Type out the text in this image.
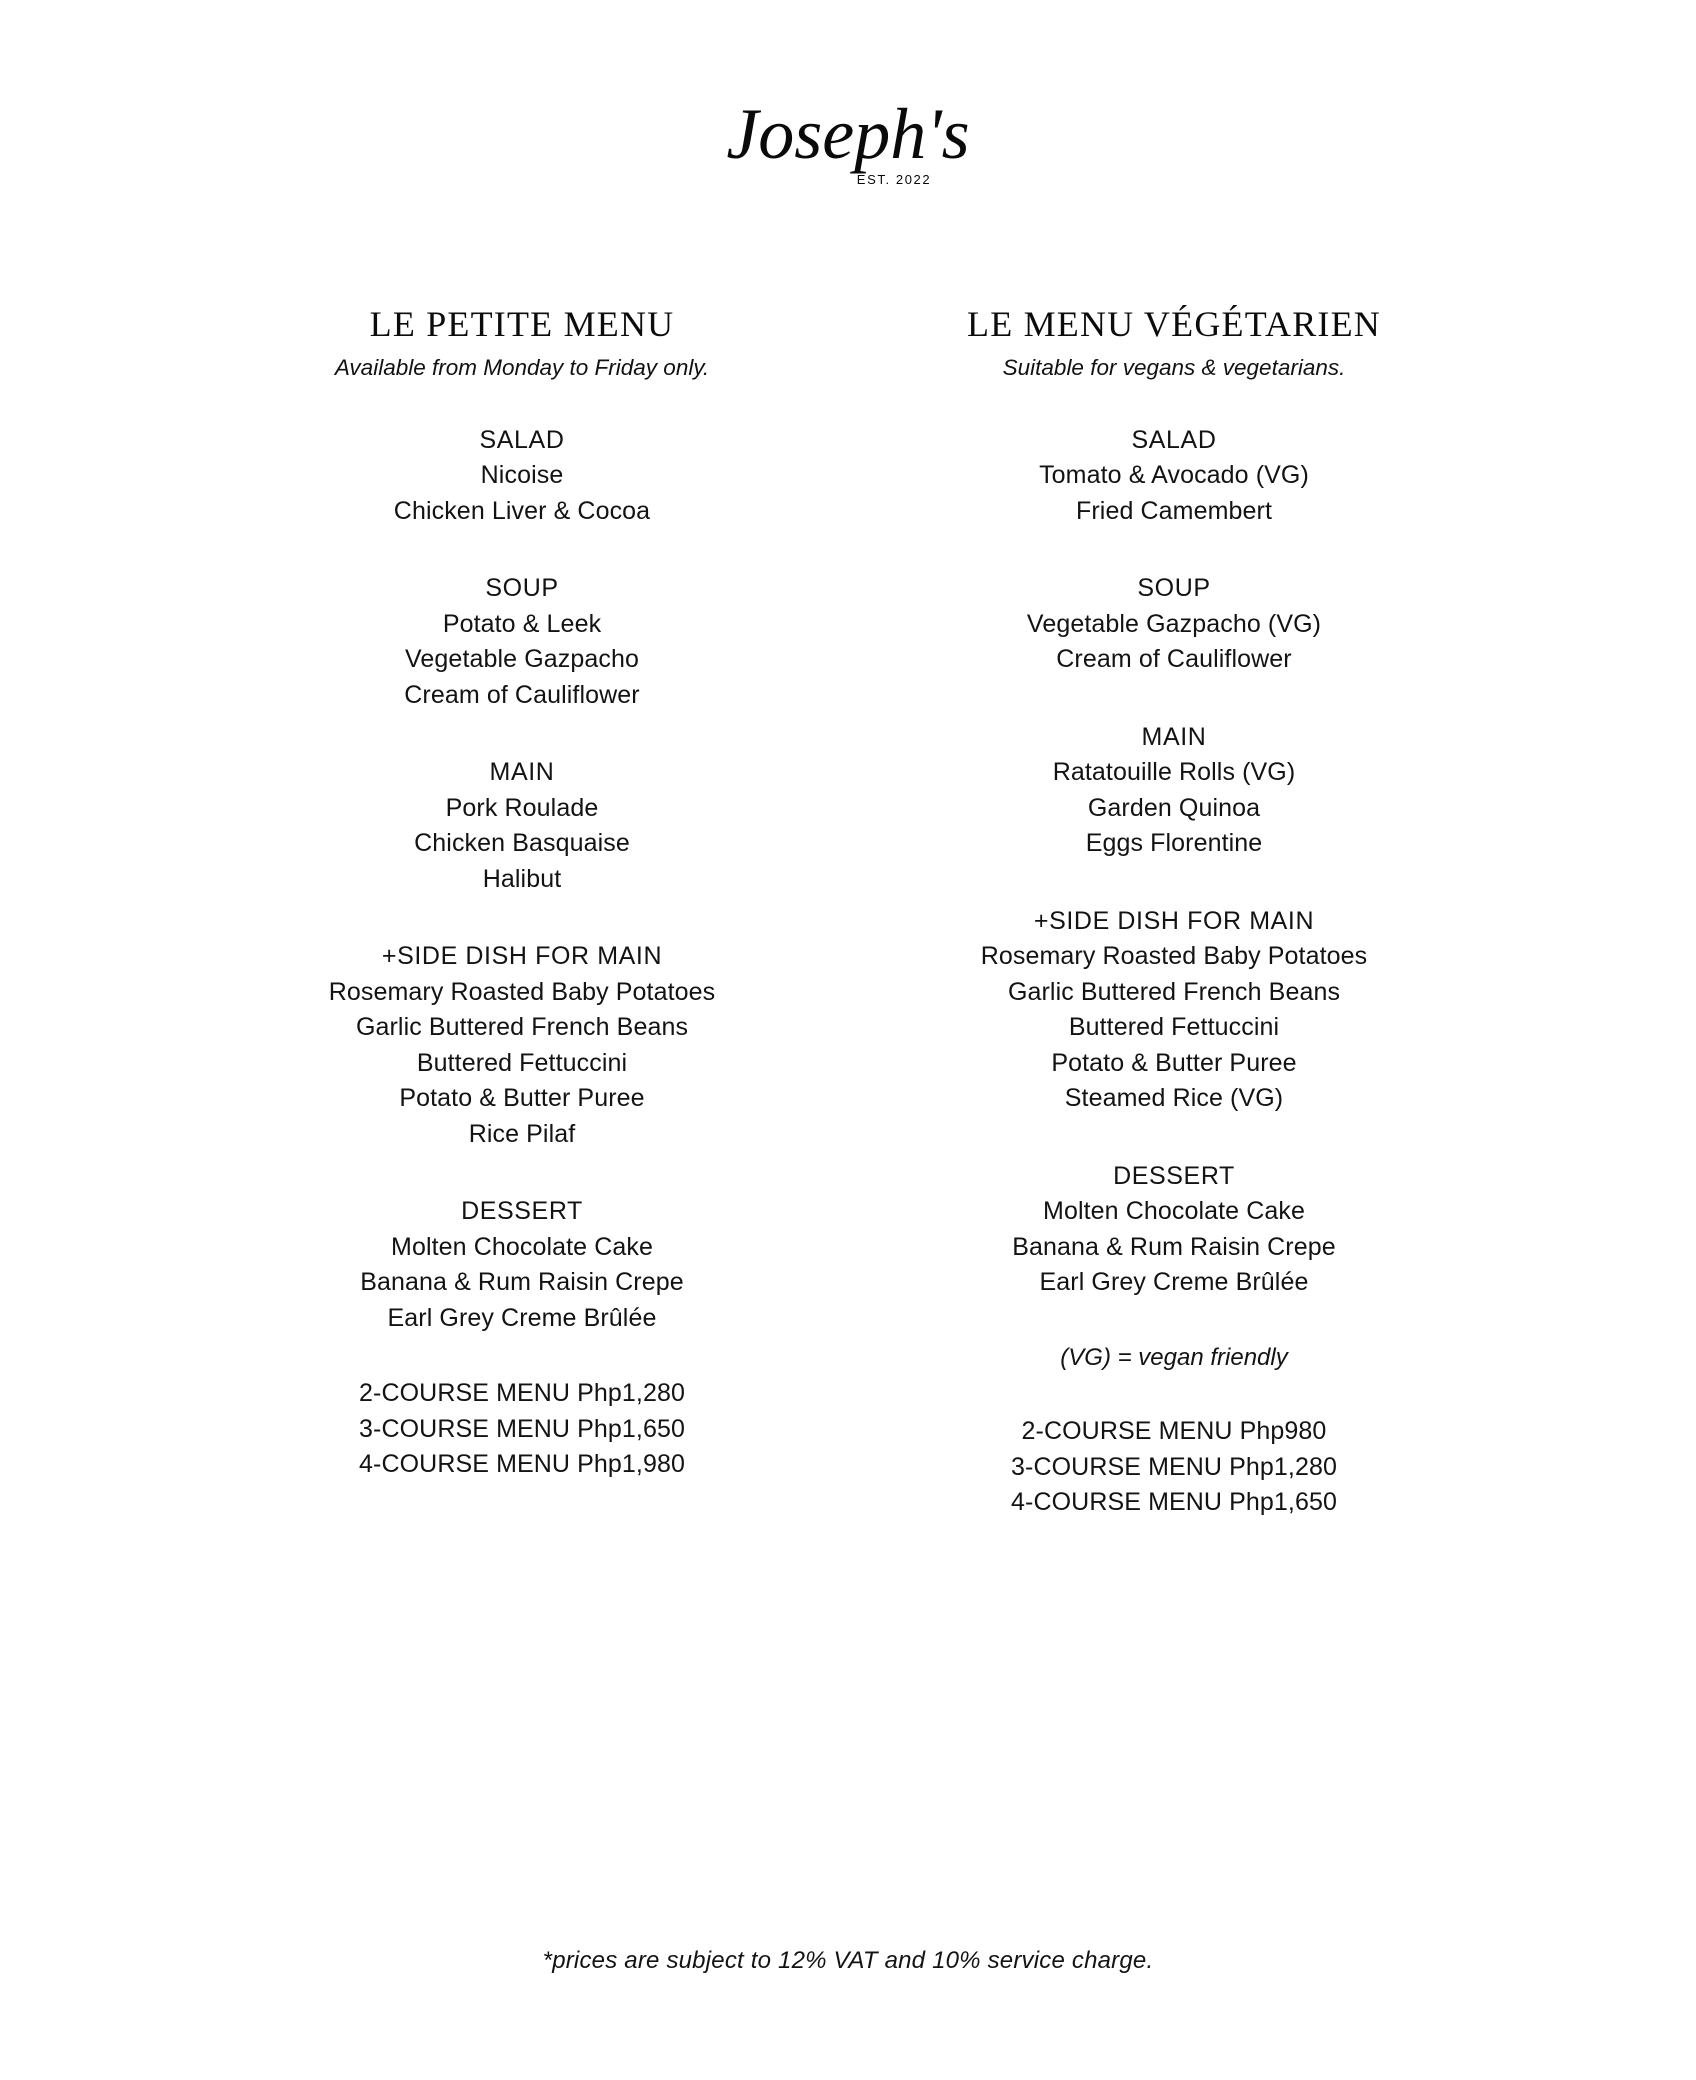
Joseph's
EST. 2022
LE PETITE MENU

Available from Monday to Friday only.

SALAD
Nicoise
Chicken Liver & Cocoa
SOUP
Potato & Leek
Vegetable Gazpacho
Cream of Cauliflower
MAIN
Pork Roulade
Chicken Basquaise
Halibut
+SIDE DISH FOR MAIN
Rosemary Roasted Baby Potatoes
Garlic Buttered French Beans
Buttered Fettuccini
Potato & Butter Puree
Rice Pilaf
DESSERT
Molten Chocolate Cake
Banana & Rum Raisin Crepe
Earl Grey Creme Brûlée
2-COURSE MENU Php1,280
3-COURSE MENU Php1,650
4-COURSE MENU Php1,980
LE MENU VÉGÉTARIEN

Suitable for vegans & vegetarians.

SALAD
Tomato & Avocado (VG)
Fried Camembert
SOUP
Vegetable Gazpacho (VG)
Cream of Cauliflower
MAIN
Ratatouille Rolls (VG)
Garden Quinoa
Eggs Florentine
+SIDE DISH FOR MAIN
Rosemary Roasted Baby Potatoes
Garlic Buttered French Beans
Buttered Fettuccini
Potato & Butter Puree
Steamed Rice (VG)
DESSERT
Molten Chocolate Cake
Banana & Rum Raisin Crepe
Earl Grey Creme Brûlée
(VG) = vegan friendly
2-COURSE MENU Php980
3-COURSE MENU Php1,280
4-COURSE MENU Php1,650
*prices are subject to 12% VAT and 10% service charge.
